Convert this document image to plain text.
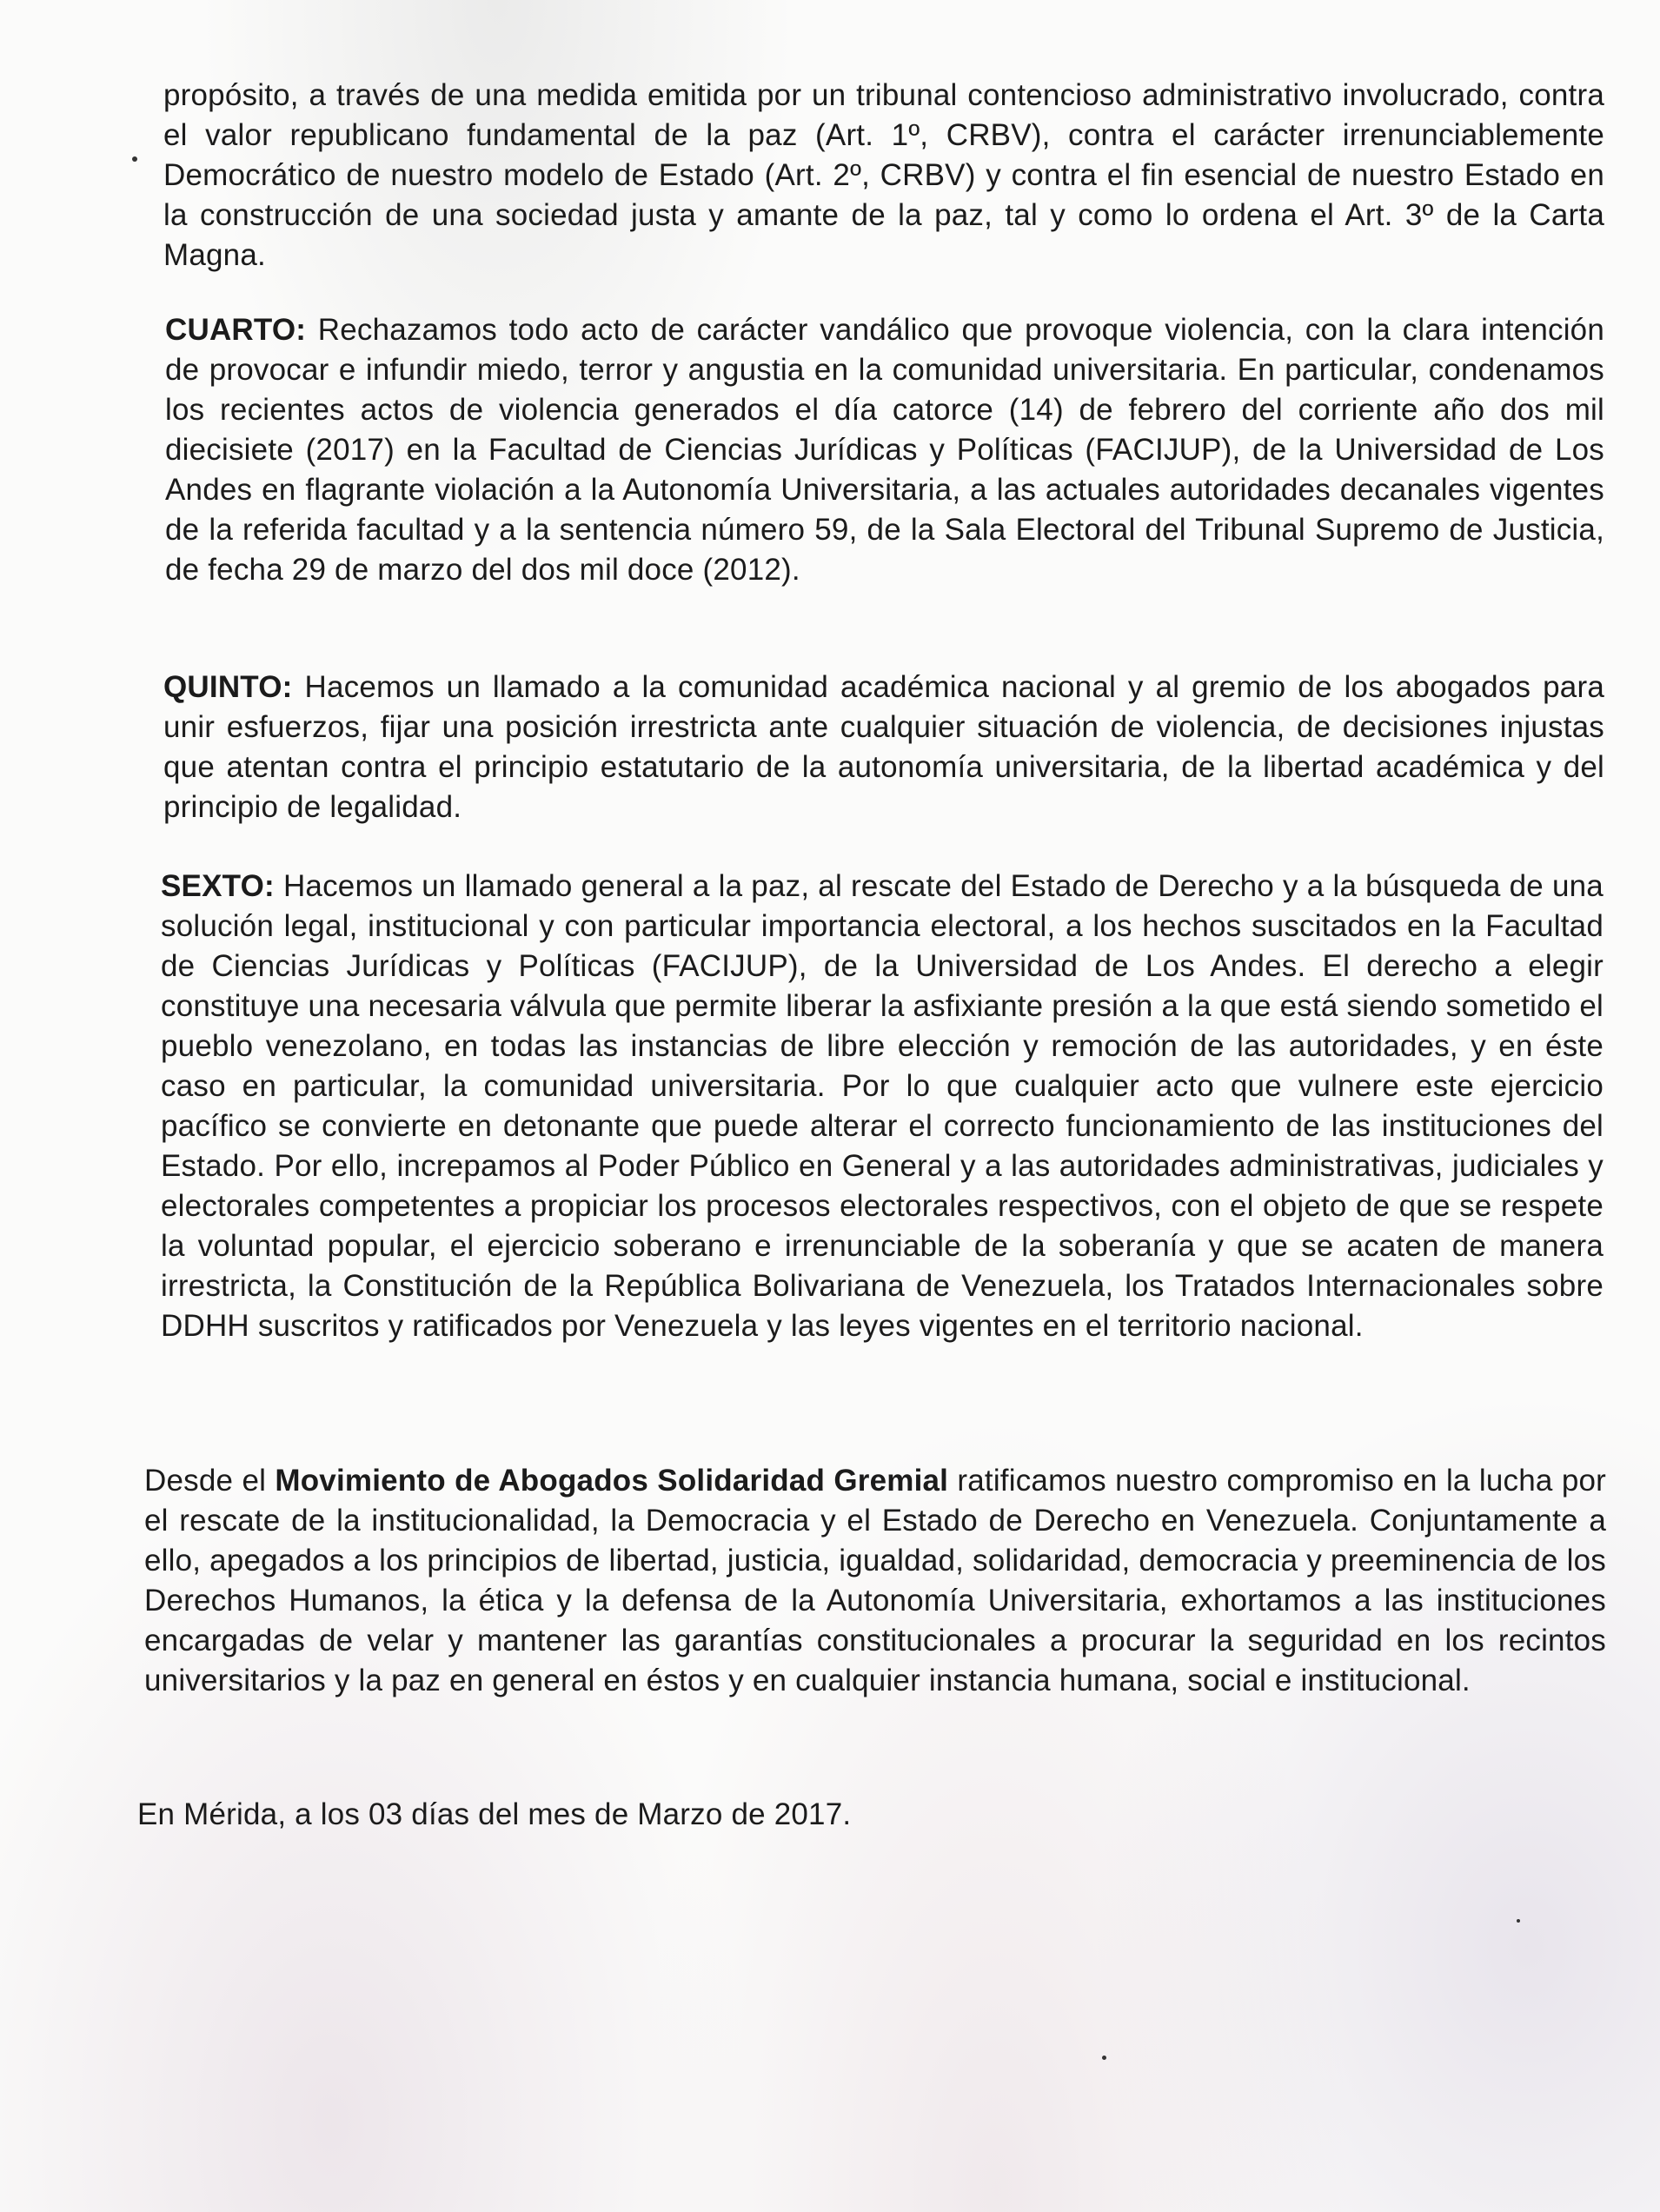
propósito, a través de una medida emitida por un tribunal contencioso administrativo involucrado, contra el valor republicano fundamental de la paz (Art. 1º, CRBV), contra el carácter irrenunciablemente Democrático de nuestro modelo de Estado (Art. 2º, CRBV) y contra el fin esencial de nuestro Estado en la construcción de una sociedad justa y amante de la paz, tal y como lo ordena el Art. 3º de la Carta Magna.

CUARTO: Rechazamos todo acto de carácter vandálico que provoque violencia, con la clara intención de provocar e infundir miedo, terror y angustia en la comunidad universitaria. En particular, condenamos los recientes actos de violencia generados el día catorce (14) de febrero del corriente año dos mil diecisiete (2017) en la Facultad de Ciencias Jurídicas y Políticas (FACIJUP), de la Universidad de Los Andes en flagrante violación a la Autonomía Universitaria, a las actuales autoridades decanales vigentes de la referida facultad y a la sentencia número 59, de la Sala Electoral del Tribunal Supremo de Justicia, de fecha 29 de marzo del dos mil doce (2012).

QUINTO: Hacemos un llamado a la comunidad académica nacional y al gremio de los abogados para unir esfuerzos, fijar una posición irrestricta ante cualquier situación de violencia, de decisiones injustas que atentan contra el principio estatutario de la autonomía universitaria, de la libertad académica y del principio de legalidad.

SEXTO: Hacemos un llamado general a la paz, al rescate del Estado de Derecho y a la búsqueda de una solución legal, institucional y con particular importancia electoral, a los hechos suscitados en la Facultad de Ciencias Jurídicas y Políticas (FACIJUP), de la Universidad de Los Andes. El derecho a elegir constituye una necesaria válvula que permite liberar la asfixiante presión a la que está siendo sometido el pueblo venezolano, en todas las instancias de libre elección y remoción de las autoridades, y en éste caso en particular, la comunidad universitaria. Por lo que cualquier acto que vulnere este ejercicio pacífico se convierte en detonante que puede alterar el correcto funcionamiento de las instituciones del Estado. Por ello, increpamos al Poder Público en General y a las autoridades administrativas, judiciales y electorales competentes a propiciar los procesos electorales respectivos, con el objeto de que se respete la voluntad popular, el ejercicio soberano e irrenunciable de la soberanía y que se acaten de manera irrestricta, la Constitución de la República Bolivariana de Venezuela, los Tratados Internacionales sobre DDHH suscritos y ratificados por Venezuela y las leyes vigentes en el territorio nacional.

Desde el Movimiento de Abogados Solidaridad Gremial ratificamos nuestro compromiso en la lucha por el rescate de la institucionalidad, la Democracia y el Estado de Derecho en Venezuela. Conjuntamente a ello, apegados a los principios de libertad, justicia, igualdad, solidaridad, democracia y preeminencia de los Derechos Humanos, la ética y la defensa de la Autonomía Universitaria, exhortamos a las instituciones encargadas de velar y mantener las garantías constitucionales a procurar la seguridad en los recintos universitarios y la paz en general en éstos y en cualquier instancia humana, social e institucional.

En Mérida, a los 03 días del mes de Marzo de 2017.
